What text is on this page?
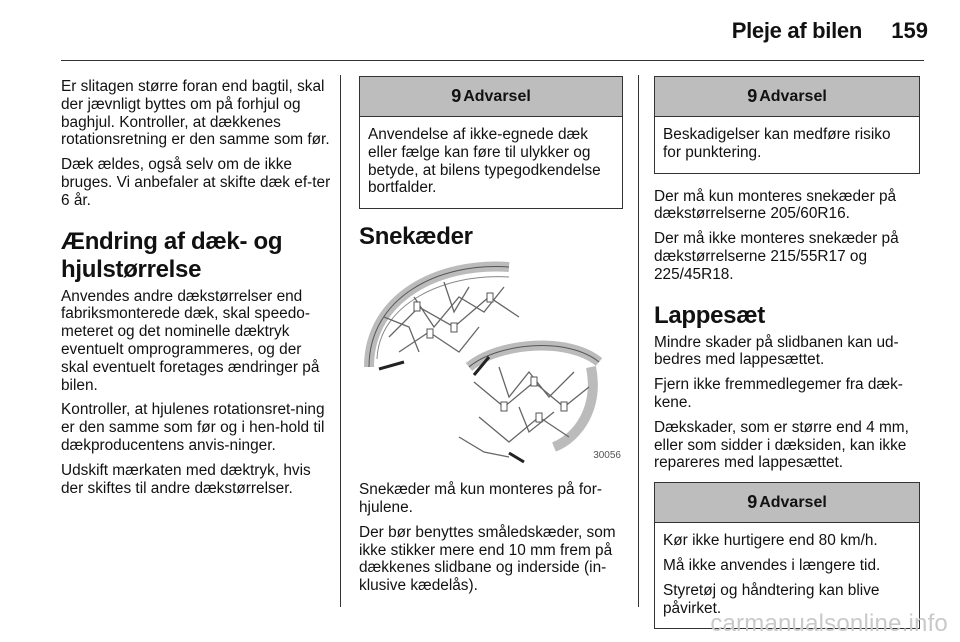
Pleje af bilen 159

Er slitagen større foran end bagtil, skal der jævnligt byttes om på forhjul og baghjul. Kontroller, at dækkenes rotationsretning er den samme som før.

Dæk ældes, også selv om de ikke bruges. Vi anbefaler at skifte dæk ef-ter 6 år.

Ændring af dæk- og hjulstørrelse

Anvendes andre dækstørrelser end fabriksmonterede dæk, skal speedo-meteret og det nominelle dæktryk eventuelt omprogrammeres, og der skal eventuelt foretages ændringer på bilen.

Kontroller, at hjulenes rotationsret-ning er den samme som før og i hen-hold til dækproducentens anvis-ninger.

Udskift mærkaten med dæktryk, hvis der skiftes til andre dækstørrelser.

9 Advarsel

Anvendelse af ikke-egnede dæk eller fælge kan føre til ulykker og betyde, at bilens typegodkendelse bortfalder.

Snekæder
30056

Snekæder må kun monteres på for-hjulene.

Der bør benyttes småledskæder, som ikke stikker mere end 10 mm frem på dækkenes slidbane og inderside (in-klusive kædelås).

9 Advarsel

Beskadigelser kan medføre risiko for punktering.

Der må kun monteres snekæder på dækstørrelserne 205/60R16.

Der må ikke monteres snekæder på dækstørrelserne 215/55R17 og 225/45R18.

Lappesæt

Mindre skader på slidbanen kan ud-bedres med lappesættet.

Fjern ikke fremmedlegemer fra dæk-kene.

Dækskader, som er større end 4 mm, eller som sidder i dæksiden, kan ikke repareres med lappesættet.

9 Advarsel

Kør ikke hurtigere end 80 km/h.

Må ikke anvendes i længere tid.

Styretøj og håndtering kan blive påvirket.

carmanualsonline.info
